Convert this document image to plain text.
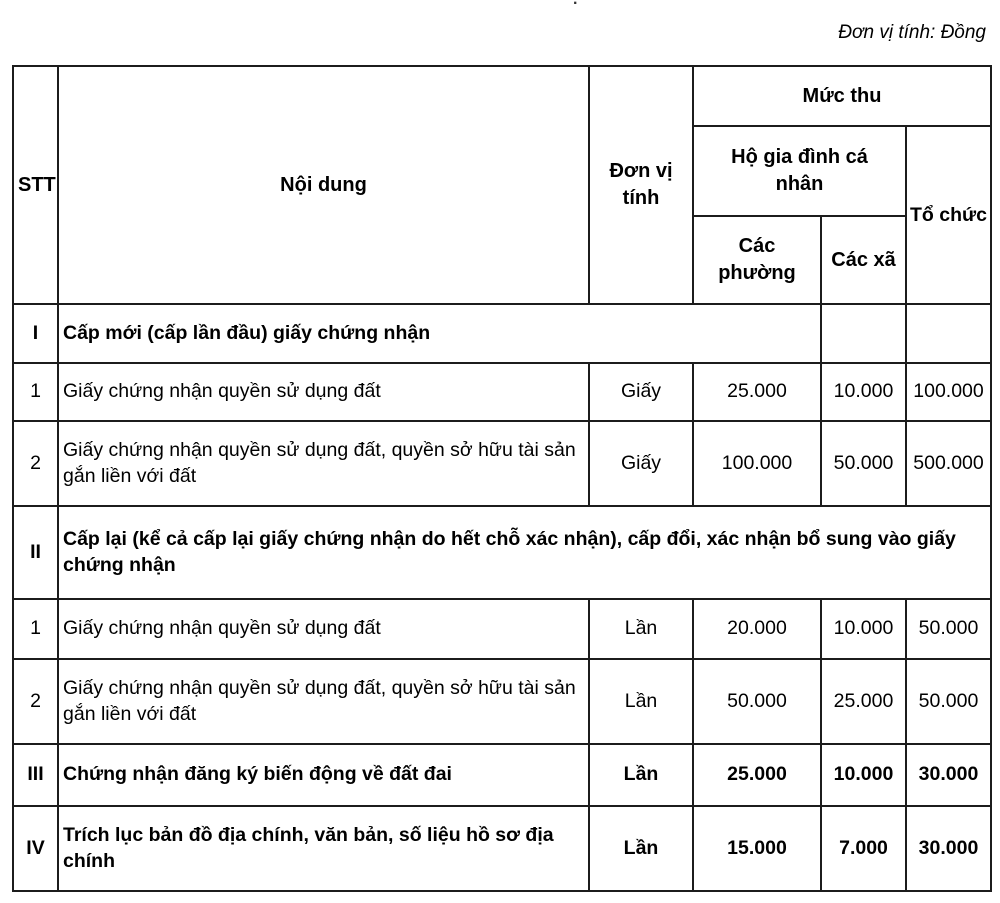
Đơn vị tính: Đồng
STT	Nội dung	Đơn vị tính	Mức thu		
			Hộ gia đình cá nhân		Tổ chức
			Các phường	Các xã	
I	Cấp mới (cấp lần đầu) giấy chứng nhận				
1	Giấy chứng nhận quyền sử dụng đất	Giấy	25.000	10.000	100.000
2	Giấy chứng nhận quyền sử dụng đất, quyền sở hữu tài sản gắn liền với đất	Giấy	100.000	50.000	500.000
II	Cấp lại (kể cả cấp lại giấy chứng nhận do hết chỗ xác nhận), cấp đổi, xác nhận bổ sung vào giấy chứng nhận				
1	Giấy chứng nhận quyền sử dụng đất	Lần	20.000	10.000	50.000
2	Giấy chứng nhận quyền sử dụng đất, quyền sở hữu tài sản gắn liền với đất	Lần	50.000	25.000	50.000
III	Chứng nhận đăng ký biến động về đất đai	Lần	25.000	10.000	30.000
IV	Trích lục bản đồ địa chính, văn bản, số liệu hồ sơ địa chính	Lần	15.000	7.000	30.000
